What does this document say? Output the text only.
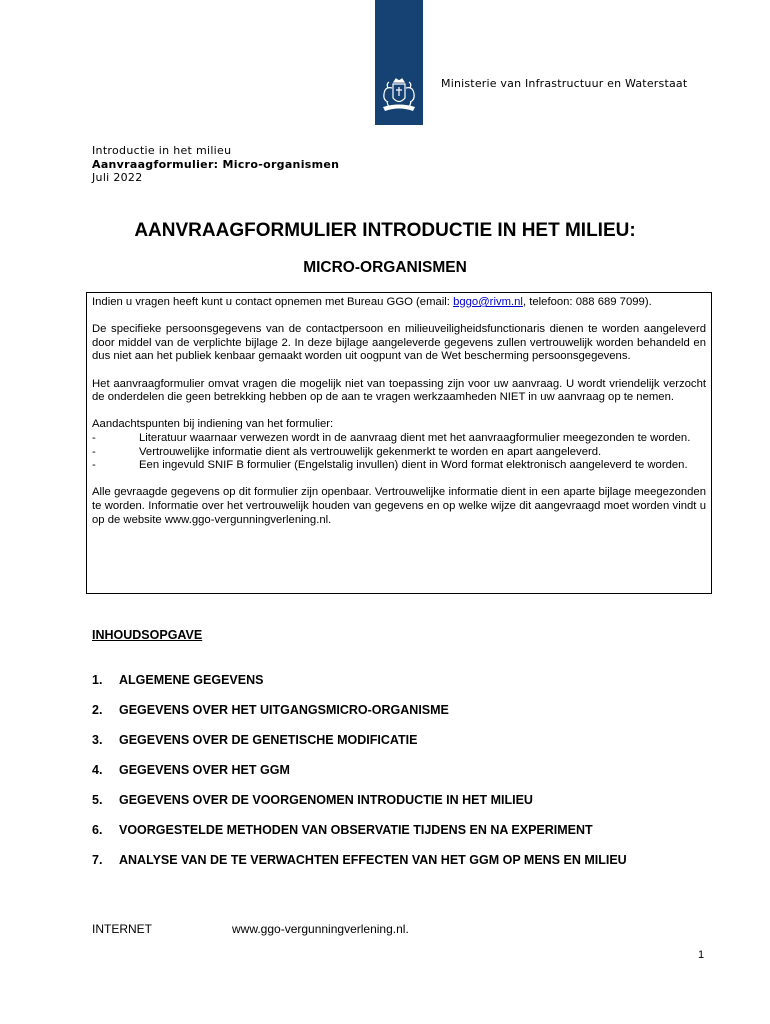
Ministerie van Infrastructuur en Waterstaat
Introductie in het milieu
Aanvraagformulier: Micro-organismen
Juli 2022
AANVRAAGFORMULIER INTRODUCTIE IN HET MILIEU:
MICRO-ORGANISMEN

Indien u vragen heeft kunt u contact opnemen met Bureau GGO (email: bggo@rivm.nl, telefoon: 088 689 7099).

De specifieke persoonsgegevens van de contactpersoon en milieuveiligheidsfunctionaris dienen te worden aangeleverd door middel van de verplichte bijlage 2. In deze bijlage aangeleverde gegevens zullen vertrouwelijk worden behandeld en dus niet aan het publiek kenbaar gemaakt worden uit oogpunt van de Wet bescherming persoonsgegevens.

Het aanvraagformulier omvat vragen die mogelijk niet van toepassing zijn voor uw aanvraag. U wordt vriendelijk verzocht de onderdelen die geen betrekking hebben op de aan te vragen werkzaamheden NIET in uw aanvraag op te nemen.

Aandachtspunten bij indiening van het formulier:
-	Literatuur waarnaar verwezen wordt in de aanvraag dient met het aanvraagformulier meegezonden te worden.
-	Vertrouwelijke informatie dient als vertrouwelijk gekenmerkt te worden en apart aangeleverd.
-	Een ingevuld SNIF B formulier (Engelstalig invullen) dient in Word format elektronisch aangeleverd te worden.

Alle gevraagde gegevens op dit formulier zijn openbaar. Vertrouwelijke informatie dient in een aparte bijlage meegezonden te worden. Informatie over het vertrouwelijk houden van gegevens en op welke wijze dit aangevraagd moet worden vindt u op de website www.ggo-vergunningverlening.nl.

INHOUDSOPGAVE
1.	ALGEMENE GEGEVENS
2.	GEGEVENS OVER HET UITGANGSMICRO-ORGANISME
3.	GEGEVENS OVER DE GENETISCHE MODIFICATIE
4.	GEGEVENS OVER HET GGM
5.	GEGEVENS OVER DE VOORGENOMEN INTRODUCTIE IN HET MILIEU
6.	VOORGESTELDE METHODEN VAN OBSERVATIE TIJDENS EN NA EXPERIMENT
7.	ANALYSE VAN DE TE VERWACHTEN EFFECTEN VAN HET GGM OP MENS EN MILIEU
INTERNET	www.ggo-vergunningverlening.nl.
1
